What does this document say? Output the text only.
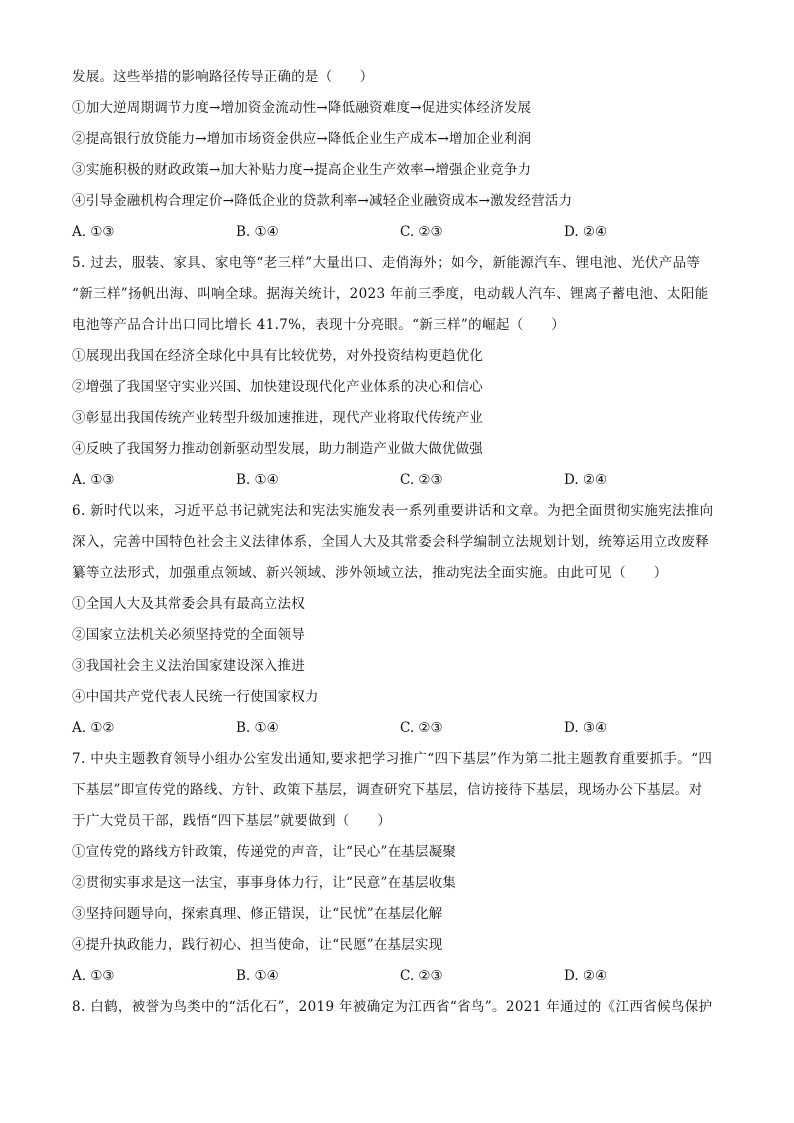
发展。这些举措的影响路径传导正确的是（　　）
①加大逆周期调节力度→增加资金流动性→降低融资难度→促进实体经济发展
②提高银行放贷能力→增加市场资金供应→降低企业生产成本→增加企业利润
③实施积极的财政政策→加大补贴力度→提高企业生产效率→增强企业竞争力
④引导金融机构合理定价→降低企业的贷款利率→减轻企业融资成本→激发经营活力
A. ①③	B. ①④	C. ②③	D. ②④
5. 过去，服装、家具、家电等“老三样”大量出口、走俏海外；如今，新能源汽车、锂电池、光伏产品等
“新三样”扬帆出海、叫响全球。据海关统计，2023 年前三季度，电动载人汽车、锂离子蓄电池、太阳能
电池等产品合计出口同比增长 41.7%，表现十分亮眼。“新三样”的崛起（　　）
①展现出我国在经济全球化中具有比较优势，对外投资结构更趋优化
②增强了我国坚守实业兴国、加快建设现代化产业体系的决心和信心
③彰显出我国传统产业转型升级加速推进，现代产业将取代传统产业
④反映了我国努力推动创新驱动型发展，助力制造产业做大做优做强
A. ①③	B. ①④	C. ②③	D. ②④
6. 新时代以来，习近平总书记就宪法和宪法实施发表一系列重要讲话和文章。为把全面贯彻实施宪法推向
深入，完善中国特色社会主义法律体系，全国人大及其常委会科学编制立法规划计划，统筹运用立改废释
纂等立法形式，加强重点领域、新兴领域、涉外领域立法，推动宪法全面实施。由此可见（　　）
①全国人大及其常委会具有最高立法权
②国家立法机关必须坚持党的全面领导
③我国社会主义法治国家建设深入推进
④中国共产党代表人民统一行使国家权力
A. ①②	B. ①④	C. ②③	D. ③④
7. 中央主题教育领导小组办公室发出通知,要求把学习推广“四下基层”作为第二批主题教育重要抓手。“四
下基层”即宣传党的路线、方针、政策下基层，调查研究下基层，信访接待下基层，现场办公下基层。对
于广大党员干部，践悟“四下基层”就要做到（　　）
①宣传党的路线方针政策，传递党的声音，让“民心”在基层凝聚
②贯彻实事求是这一法宝，事事身体力行，让“民意”在基层收集
③坚持问题导向，探索真理、修正错误，让“民忧”在基层化解
④提升执政能力，践行初心、担当使命，让“民愿”在基层实现
A. ①③	B. ①④	C. ②③	D. ②④
8. 白鹤，被誉为鸟类中的“活化石”，2019 年被确定为江西省“省鸟”。2021 年通过的《江西省候鸟保护
